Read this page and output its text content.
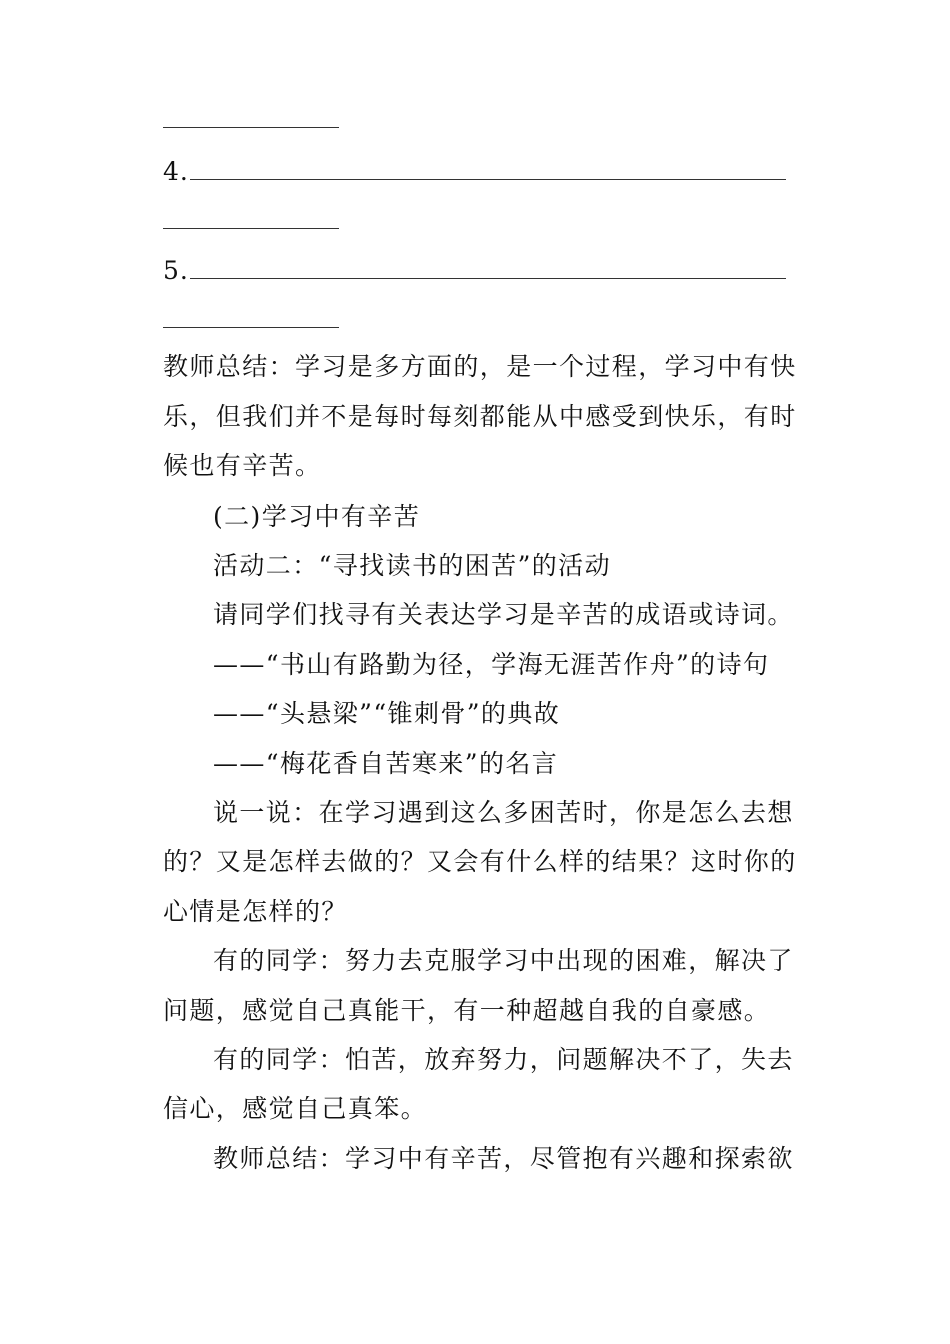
4.
5.
教师总结：学习是多方面的，是一个过程，学习中有快
乐，但我们并不是每时每刻都能从中感受到快乐，有时
候也有辛苦。
(二)学习中有辛苦
活动二：“寻找读书的困苦”的活动
请同学们找寻有关表达学习是辛苦的成语或诗词。
——“书山有路勤为径，学海无涯苦作舟”的诗句
——“头悬梁”“锥刺骨”的典故
——“梅花香自苦寒来”的名言
说一说：在学习遇到这么多困苦时，你是怎么去想
的？又是怎样去做的？又会有什么样的结果？这时你的
心情是怎样的？
有的同学：努力去克服学习中出现的困难，解决了
问题，感觉自己真能干，有一种超越自我的自豪感。
有的同学：怕苦，放弃努力，问题解决不了，失去
信心，感觉自己真笨。
教师总结：学习中有辛苦，尽管抱有兴趣和探索欲
